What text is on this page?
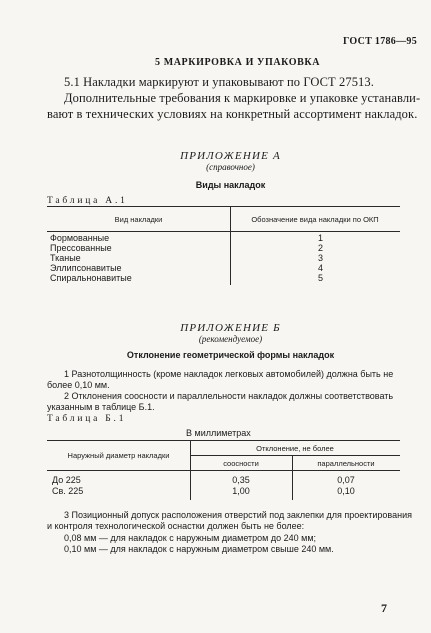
ГОСТ 1786—95
5 МАРКИРОВКА И УПАКОВКА
5.1 Накладки маркируют и упаковывают по ГОСТ 27513.
Дополнительные требования к маркировке и упаковке устанавли-
вают в технических условиях на конкретный ассортимент накладок.
ПРИЛОЖЕНИЕ А
(справочное)
Виды накладок
Таблица А.1
Вид накладки	Обозначение вида накладки по ОКП
Формованные	1
Прессованные	2
Тканые	3
Эллипсонавитые	4
Спиральнонавитые	5
ПРИЛОЖЕНИЕ Б
(рекомендуемое)
Отклонение геометрической формы накладок
1 Разнотолщинность (кроме накладок легковых автомобилей) должна быть не
более 0,10 мм.
2 Отклонения соосности и параллельности накладок должны соответствовать
указанным в таблице Б.1.
Таблица Б.1
В миллиметрах
Наружный диаметр накладки
Отклонение, не более
соосности	параллельности
До 225	0,35	0,07
Св. 225	1,00	0,10
3 Позиционный допуск расположения отверстий под заклепки для проектирования
и контроля технологической оснастки должен быть не более:
0,08 мм — для накладок с наружным диаметром до 240 мм;
0,10 мм — для накладок с наружным диаметром свыше 240 мм.
7
